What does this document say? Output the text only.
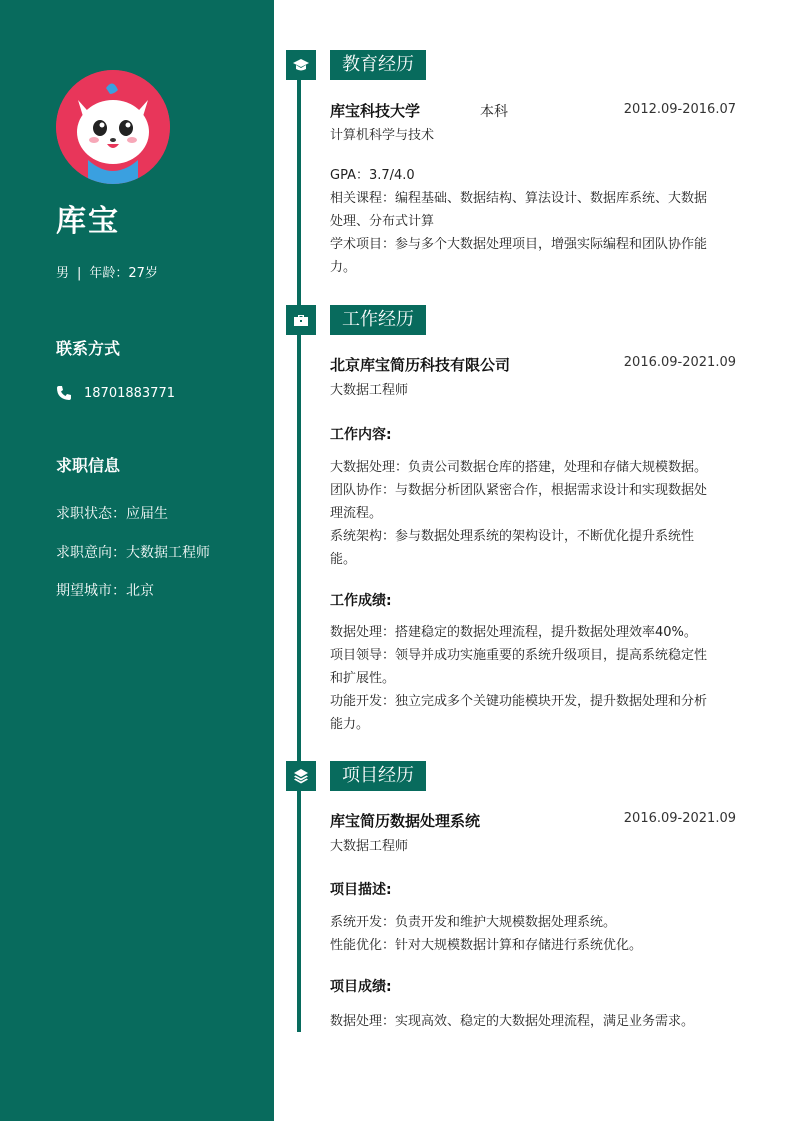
库宝
男 | 年龄：27岁
联系方式
18701883771
求职信息
求职状态：应届生
求职意向：大数据工程师
期望城市：北京
教育经历
库宝科技大学	本科	2012.09-2016.07
计算机科学与技术
GPA：3.7/4.0
相关课程：编程基础、数据结构、算法设计、数据库系统、大数据
处理、分布式计算
学术项目：参与多个大数据处理项目，增强实际编程和团队协作能
力。
工作经历
北京库宝简历科技有限公司	2016.09-2021.09
大数据工程师
工作内容:
大数据处理：负责公司数据仓库的搭建，处理和存储大规模数据。
团队协作：与数据分析团队紧密合作，根据需求设计和实现数据处
理流程。
系统架构：参与数据处理系统的架构设计，不断优化提升系统性
能。
工作成绩:
数据处理：搭建稳定的数据处理流程，提升数据处理效率40%。
项目领导：领导并成功实施重要的系统升级项目，提高系统稳定性
和扩展性。
功能开发：独立完成多个关键功能模块开发，提升数据处理和分析
能力。
项目经历
库宝简历数据处理系统	2016.09-2021.09
大数据工程师
项目描述:
系统开发：负责开发和维护大规模数据处理系统。
性能优化：针对大规模数据计算和存储进行系统优化。
项目成绩:
数据处理：实现高效、稳定的大数据处理流程，满足业务需求。
